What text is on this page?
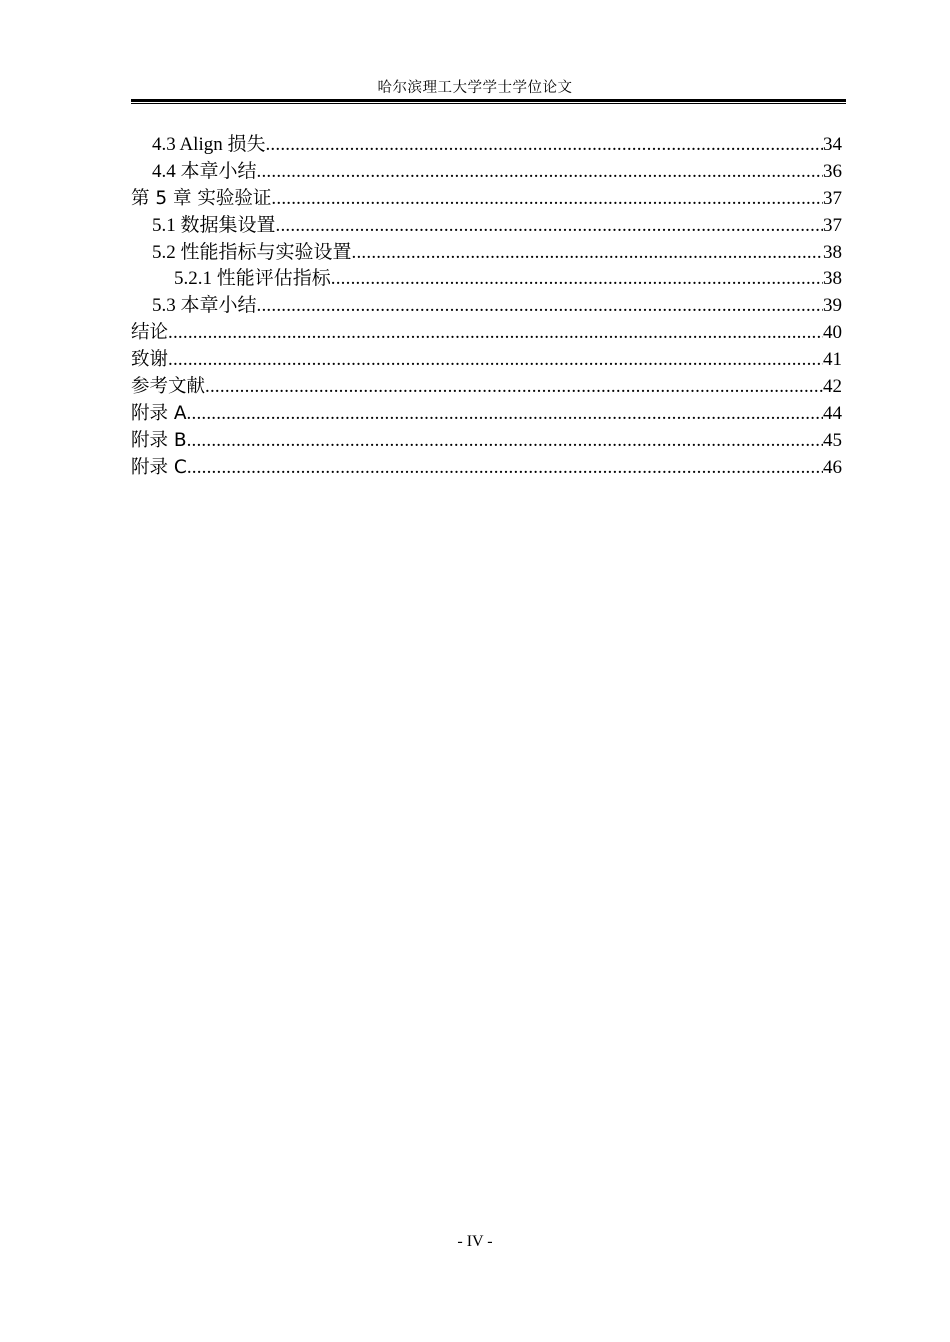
哈尔滨理工大学学士学位论文
4.3 Align 损失 .....	34
4.4 本章小结 .....	36
第 5 章 实验验证 .....	37
5.1 数据集设置 .....	37
5.2 性能指标与实验设置 .....	38
5.2.1 性能评估指标 .....	38
5.3 本章小结 .....	39
结论 .....	40
致谢 .....	41
参考文献 .....	42
附录 A .....	44
附录 B .....	45
附录 C .....	46
- IV -
